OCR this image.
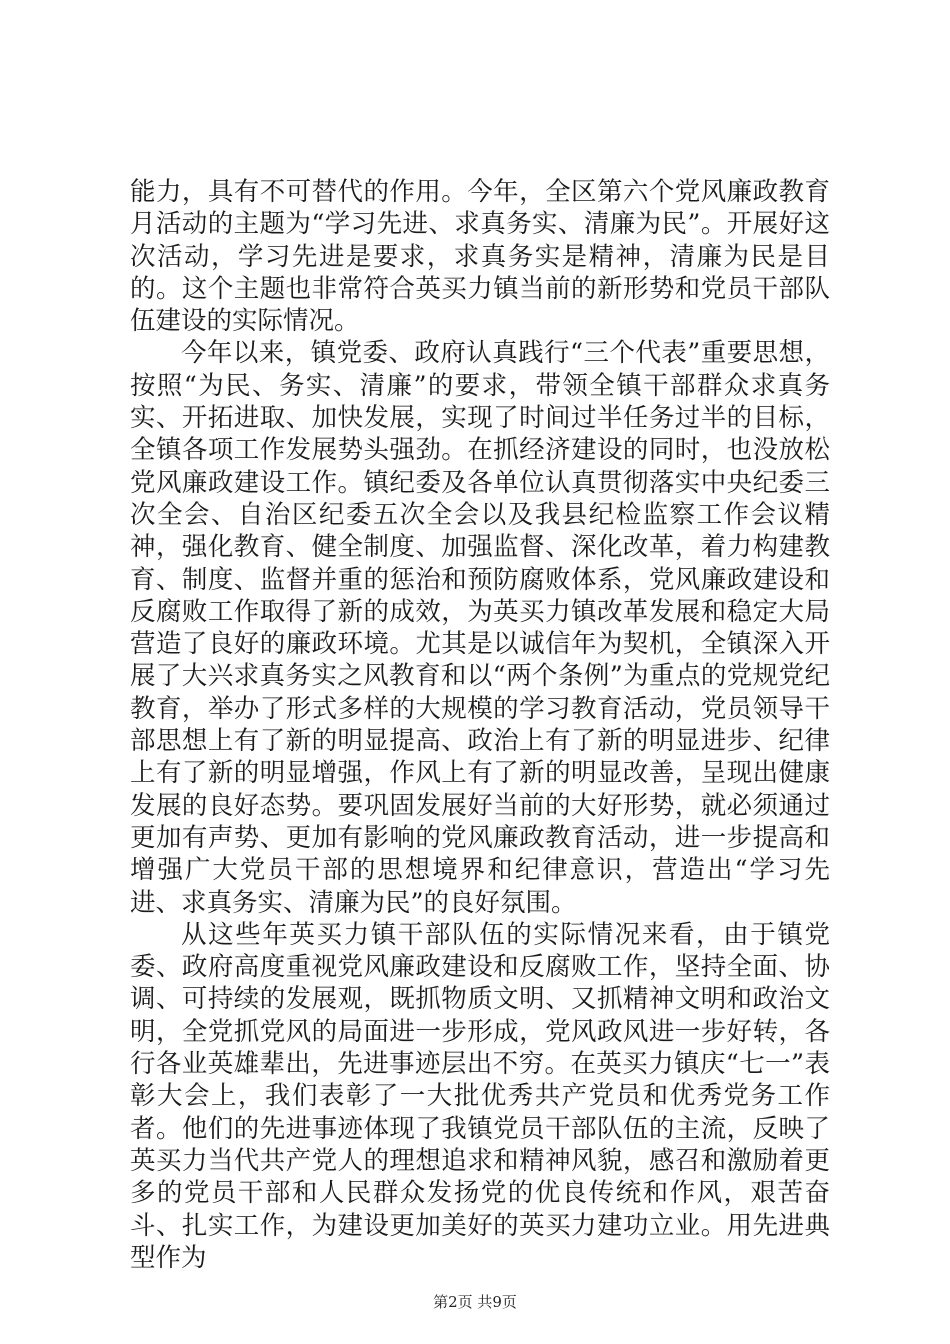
能力，具有不可替代的作用。今年，全区第六个党风廉政教育月活动的主题为“学习先进、求真务实、清廉为民”。开展好这次活动，学习先进是要求，求真务实是精神，清廉为民是目的。这个主题也非常符合英买力镇当前的新形势和党员干部队伍建设的实际情况。

今年以来，镇党委、政府认真践行“三个代表”重要思想，按照“为民、务实、清廉”的要求，带领全镇干部群众求真务实、开拓进取、加快发展，实现了时间过半任务过半的目标，全镇各项工作发展势头强劲。在抓经济建设的同时，也没放松党风廉政建设工作。镇纪委及各单位认真贯彻落实中央纪委三次全会、自治区纪委五次全会以及我县纪检监察工作会议精神，强化教育、健全制度、加强监督、深化改革，着力构建教育、制度、监督并重的惩治和预防腐败体系，党风廉政建设和反腐败工作取得了新的成效，为英买力镇改革发展和稳定大局营造了良好的廉政环境。尤其是以诚信年为契机，全镇深入开展了大兴求真务实之风教育和以“两个条例”为重点的党规党纪教育，举办了形式多样的大规模的学习教育活动，党员领导干部思想上有了新的明显提高、政治上有了新的明显进步、纪律上有了新的明显增强，作风上有了新的明显改善，呈现出健康发展的良好态势。要巩固发展好当前的大好形势，就必须通过更加有声势、更加有影响的党风廉政教育活动，进一步提高和增强广大党员干部的思想境界和纪律意识，营造出“学习先进、求真务实、清廉为民”的良好氛围。

从这些年英买力镇干部队伍的实际情况来看，由于镇党委、政府高度重视党风廉政建设和反腐败工作，坚持全面、协调、可持续的发展观，既抓物质文明、又抓精神文明和政治文明，全党抓党风的局面进一步形成，党风政风进一步好转，各行各业英雄辈出，先进事迹层出不穷。在英买力镇庆“七一”表彰大会上，我们表彰了一大批优秀共产党员和优秀党务工作者。他们的先进事迹体现了我镇党员干部队伍的主流，反映了英买力当代共产党人的理想追求和精神风貌，感召和激励着更多的党员干部和人民群众发扬党的优良传统和作风，艰苦奋斗、扎实工作，为建设更加美好的英买力建功立业。用先进典型作为

第2页 共9页
